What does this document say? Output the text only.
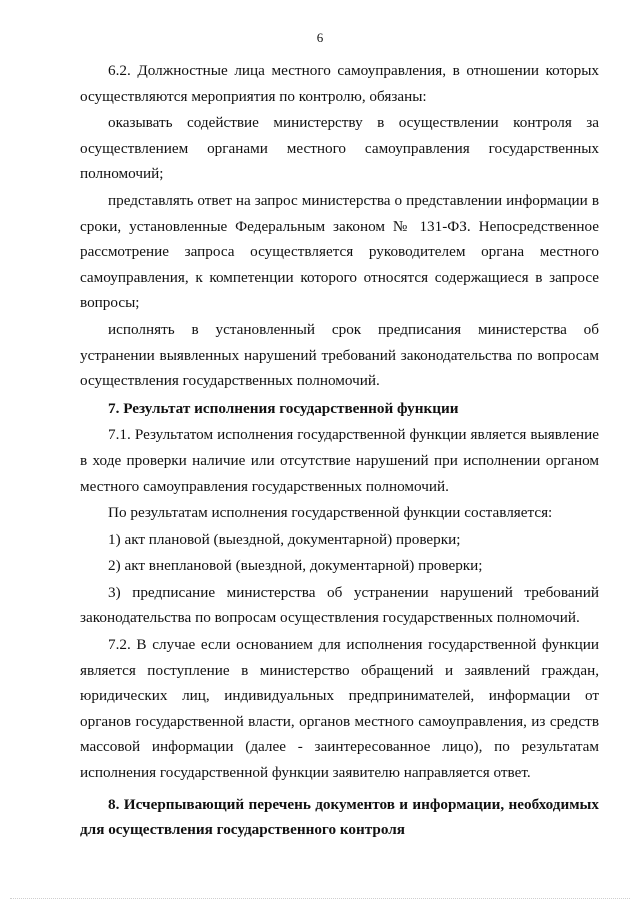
6

6.2. Должностные лица местного самоуправления, в отношении которых осуществляются мероприятия по контролю, обязаны:

оказывать содействие министерству в осуществлении контроля за осуществлением органами местного самоуправления государственных полномочий;

представлять ответ на запрос министерства о представлении информации в сроки, установленные Федеральным законом № 131-ФЗ. Непосредственное рассмотрение запроса осуществляется руководителем органа местного самоуправления, к компетенции которого относятся содержащиеся в запросе вопросы;

исполнять в установленный срок предписания министерства об устранении выявленных нарушений требований законодательства по вопросам осуществления государственных полномочий.

7. Результат исполнения государственной функции

7.1. Результатом исполнения государственной функции является выявление в ходе проверки наличие или отсутствие нарушений при исполнении органом местного самоуправления государственных полномочий.

По результатам исполнения государственной функции составляется:

1) акт плановой (выездной, документарной) проверки;

2) акт внеплановой (выездной, документарной) проверки;

3) предписание министерства об устранении нарушений требований законодательства по вопросам осуществления государственных полномочий.

7.2. В случае если основанием для исполнения государственной функции является поступление в министерство обращений и заявлений граждан, юридических лиц, индивидуальных предпринимателей, информации от органов государственной власти, органов местного самоуправления, из средств массовой информации (далее - заинтересованное лицо), по результатам исполнения государственной функции заявителю направляется ответ.

8. Исчерпывающий перечень документов и информации, необходимых для осуществления государственного контроля
